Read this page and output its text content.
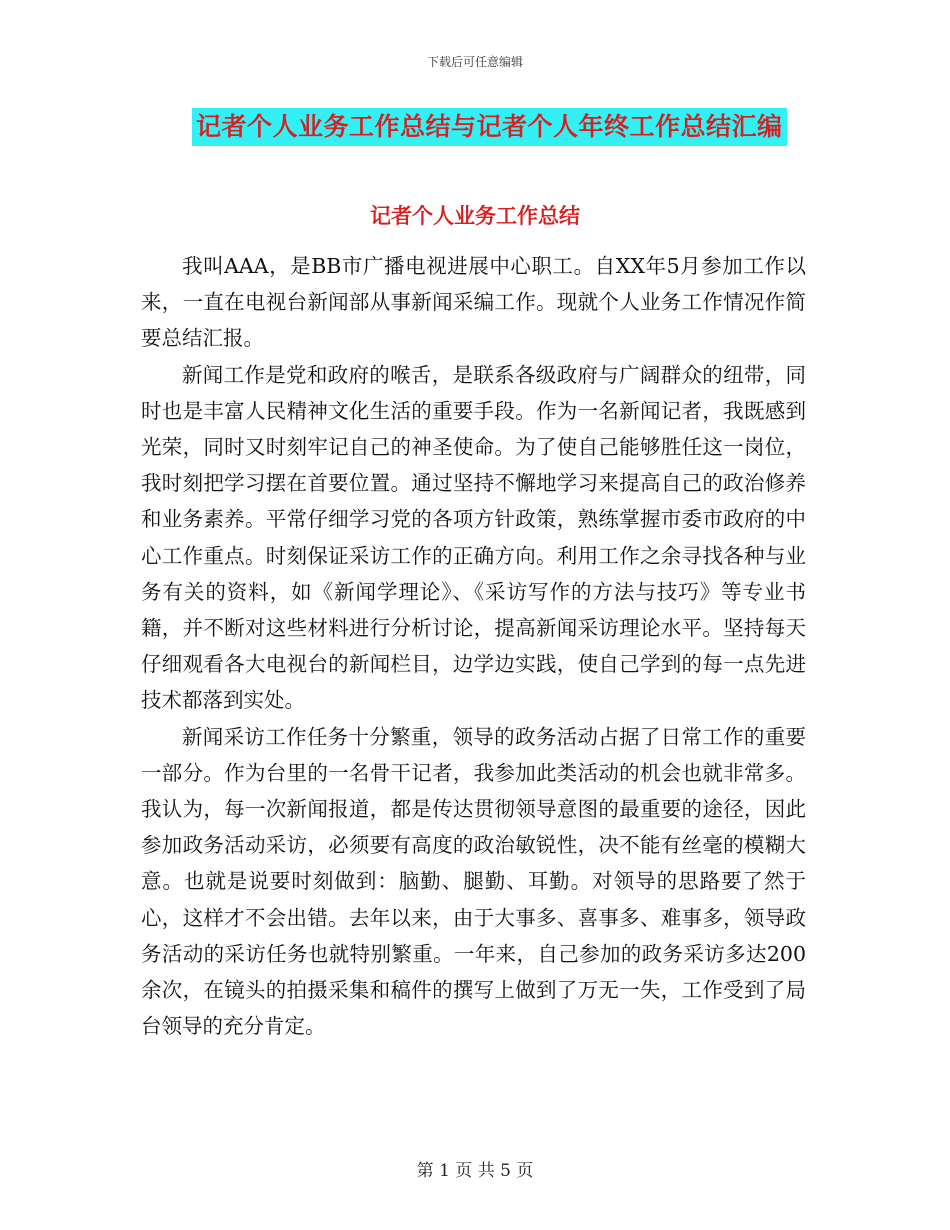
下载后可任意编辑
记者个人业务工作总结与记者个人年终工作总结汇编
记者个人业务工作总结

我叫AAA，是BB市广播电视进展中心职工。自XX年5月参加工作以来，一直在电视台新闻部从事新闻采编工作。现就个人业务工作情况作简要总结汇报。

新闻工作是党和政府的喉舌，是联系各级政府与广阔群众的纽带，同时也是丰富人民精神文化生活的重要手段。作为一名新闻记者，我既感到光荣，同时又时刻牢记自己的神圣使命。为了使自己能够胜任这一岗位，我时刻把学习摆在首要位置。通过坚持不懈地学习来提高自己的政治修养和业务素养。平常仔细学习党的各项方针政策，熟练掌握市委市政府的中心工作重点。时刻保证采访工作的正确方向。利用工作之余寻找各种与业务有关的资料，如《新闻学理论》、《采访写作的方法与技巧》等专业书籍，并不断对这些材料进行分析讨论，提高新闻采访理论水平。坚持每天仔细观看各大电视台的新闻栏目，边学边实践，使自己学到的每一点先进技术都落到实处。

新闻采访工作任务十分繁重，领导的政务活动占据了日常工作的重要一部分。作为台里的一名骨干记者，我参加此类活动的机会也就非常多。我认为，每一次新闻报道，都是传达贯彻领导意图的最重要的途径，因此参加政务活动采访，必须要有高度的政治敏锐性，决不能有丝毫的模糊大意。也就是说要时刻做到：脑勤、腿勤、耳勤。对领导的思路要了然于心，这样才不会出错。去年以来，由于大事多、喜事多、难事多，领导政务活动的采访任务也就特别繁重。一年来，自己参加的政务采访多达200余次，在镜头的拍摄采集和稿件的撰写上做到了万无一失，工作受到了局台领导的充分肯定。

第 1 页 共 5 页
